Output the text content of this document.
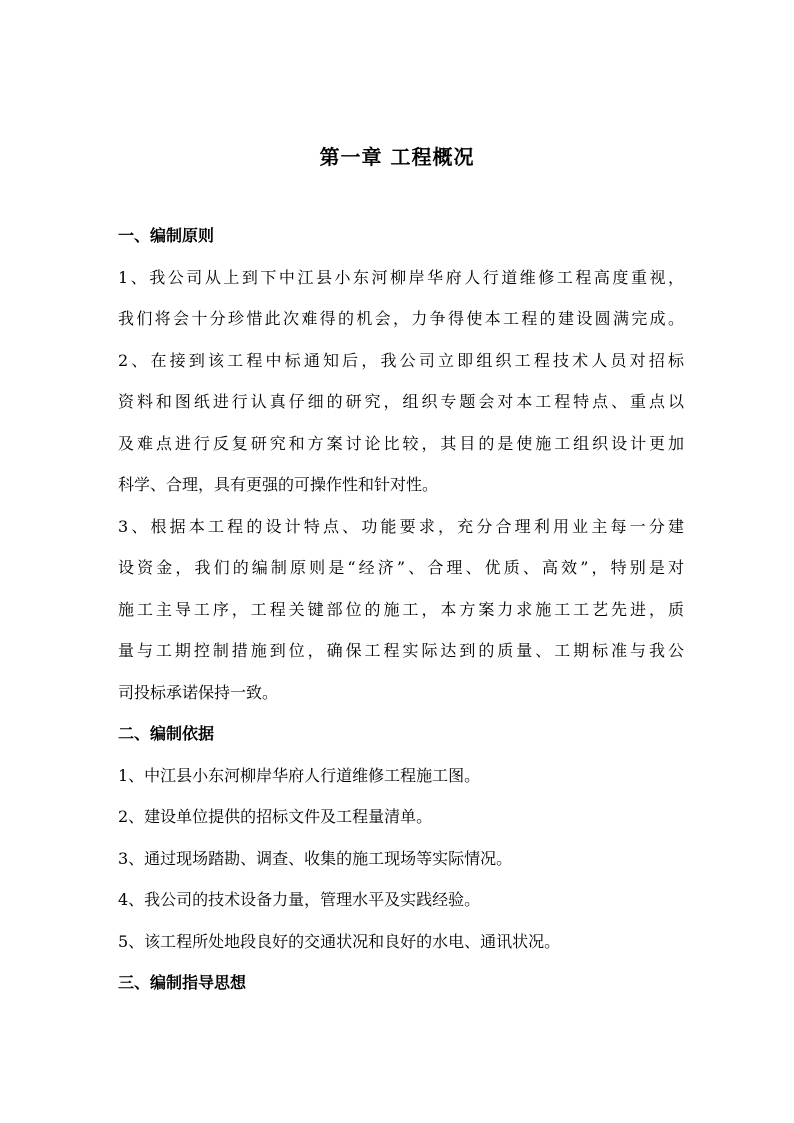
第一章 工程概况
一、编制原则
1、我公司从上到下中江县小东河柳岸华府人行道维修工程高度重视，
我们将会十分珍惜此次难得的机会，力争得使本工程的建设圆满完成。
2、在接到该工程中标通知后，我公司立即组织工程技术人员对招标
资料和图纸进行认真仔细的研究，组织专题会对本工程特点、重点以
及难点进行反复研究和方案讨论比较，其目的是使施工组织设计更加
科学、合理，具有更强的可操作性和针对性。
3、根据本工程的设计特点、功能要求，充分合理利用业主每一分建
设资金，我们的编制原则是“经济”、合理、优质、高效”，特别是对
施工主导工序，工程关键部位的施工，本方案力求施工工艺先进，质
量与工期控制措施到位，确保工程实际达到的质量、工期标准与我公
司投标承诺保持一致。
二、编制依据
1、中江县小东河柳岸华府人行道维修工程施工图。
2、建设单位提供的招标文件及工程量清单。
3、通过现场踏勘、调查、收集的施工现场等实际情况。
4、我公司的技术设备力量，管理水平及实践经验。
5、该工程所处地段良好的交通状况和良好的水电、通讯状况。
三、编制指导思想
